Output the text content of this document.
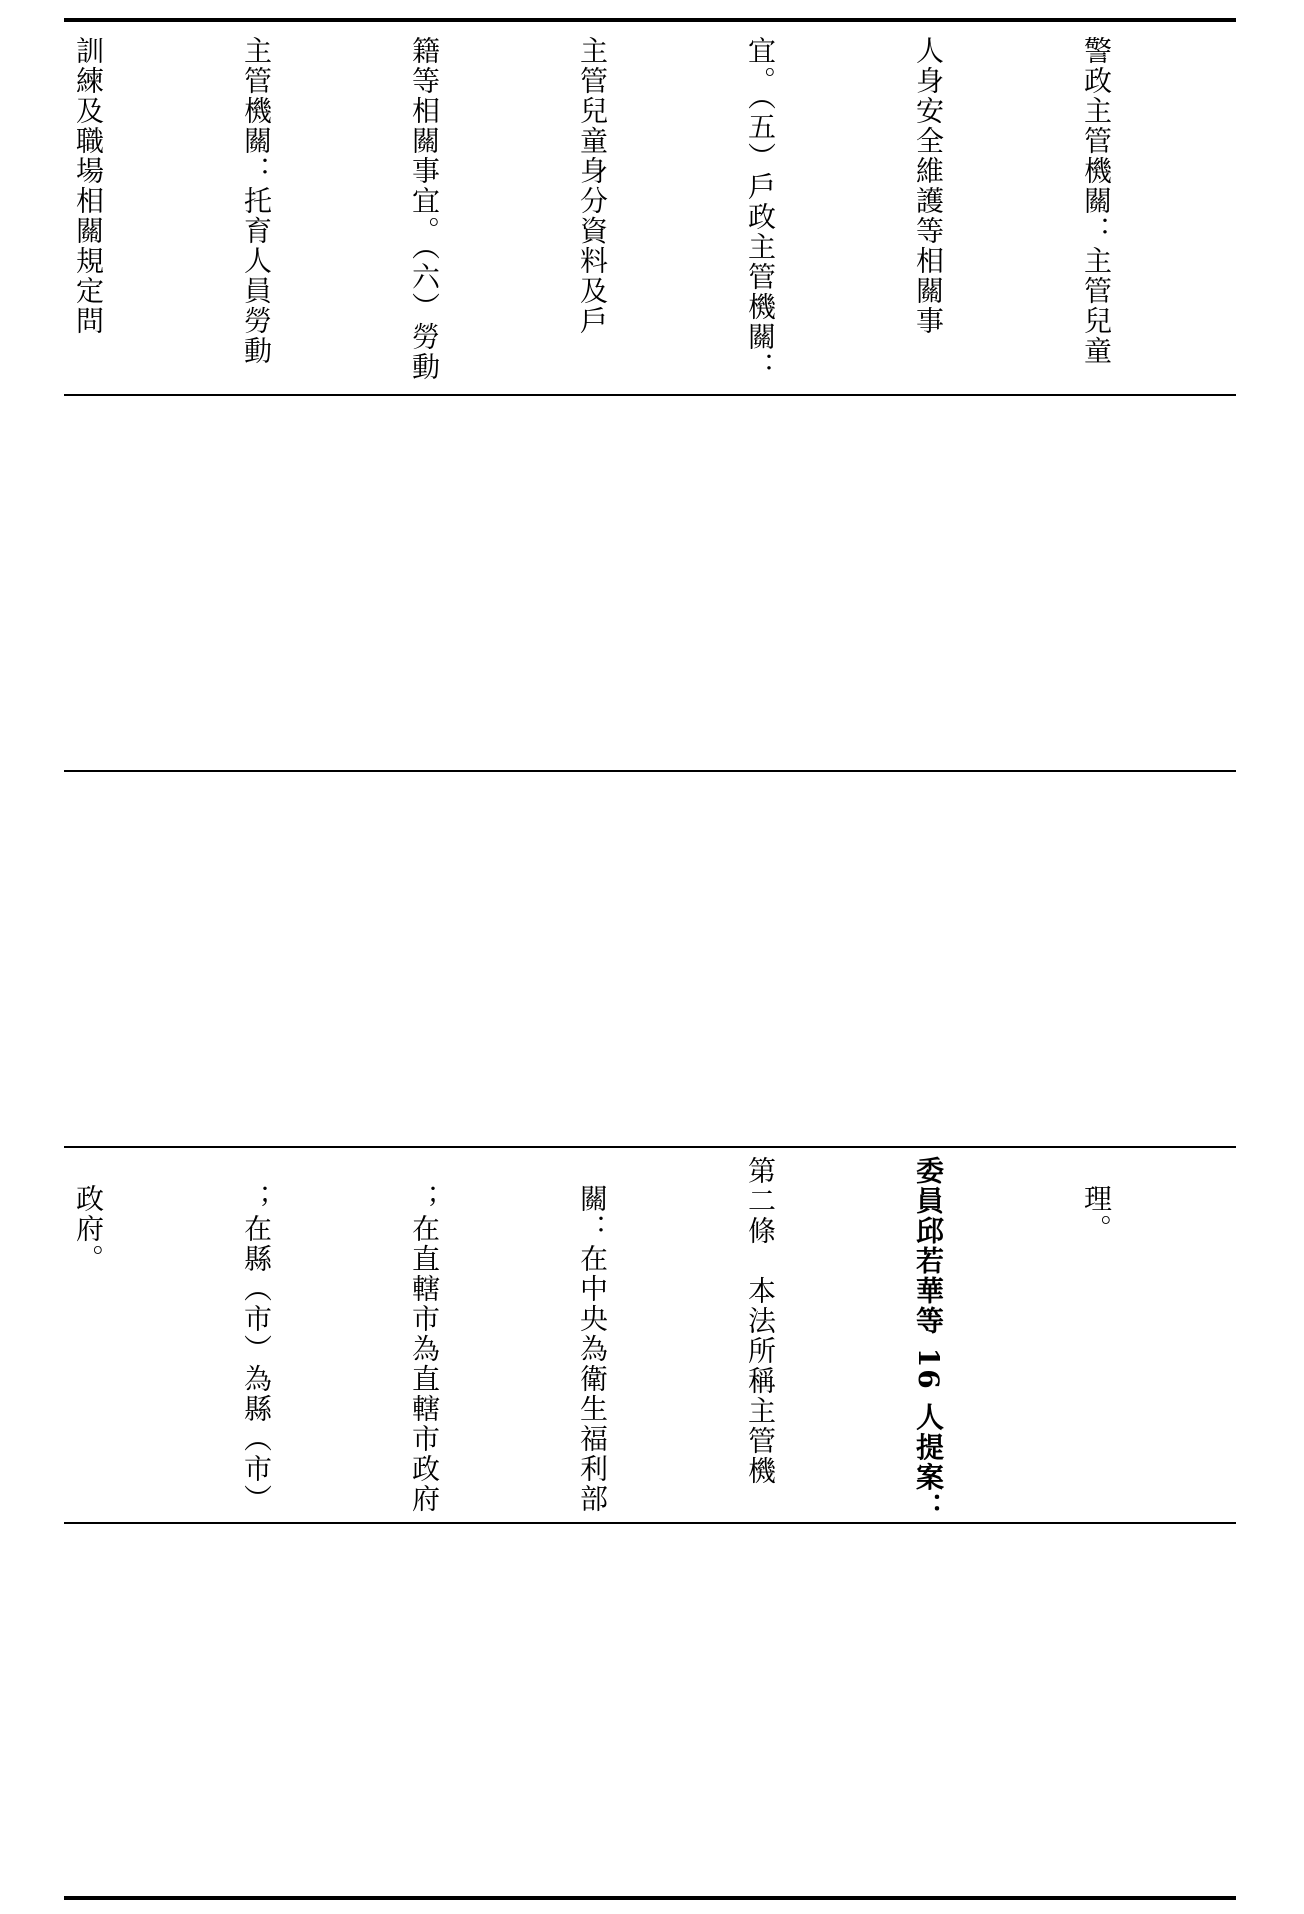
警政主管機關：主管兒童

人身安全維護等相關事

宜。（五）戶政主管機關：

主管兒童身分資料及戶

籍等相關事宜。（六）勞動

主管機關：托育人員勞動

訓練及職場相關規定問

理。

委員邱若華等 16 人提案：

第二條　本法所稱主管機

關：在中央為衛生福利部

；在直轄市為直轄市政府

；在縣（市）為縣（市）

政府。
